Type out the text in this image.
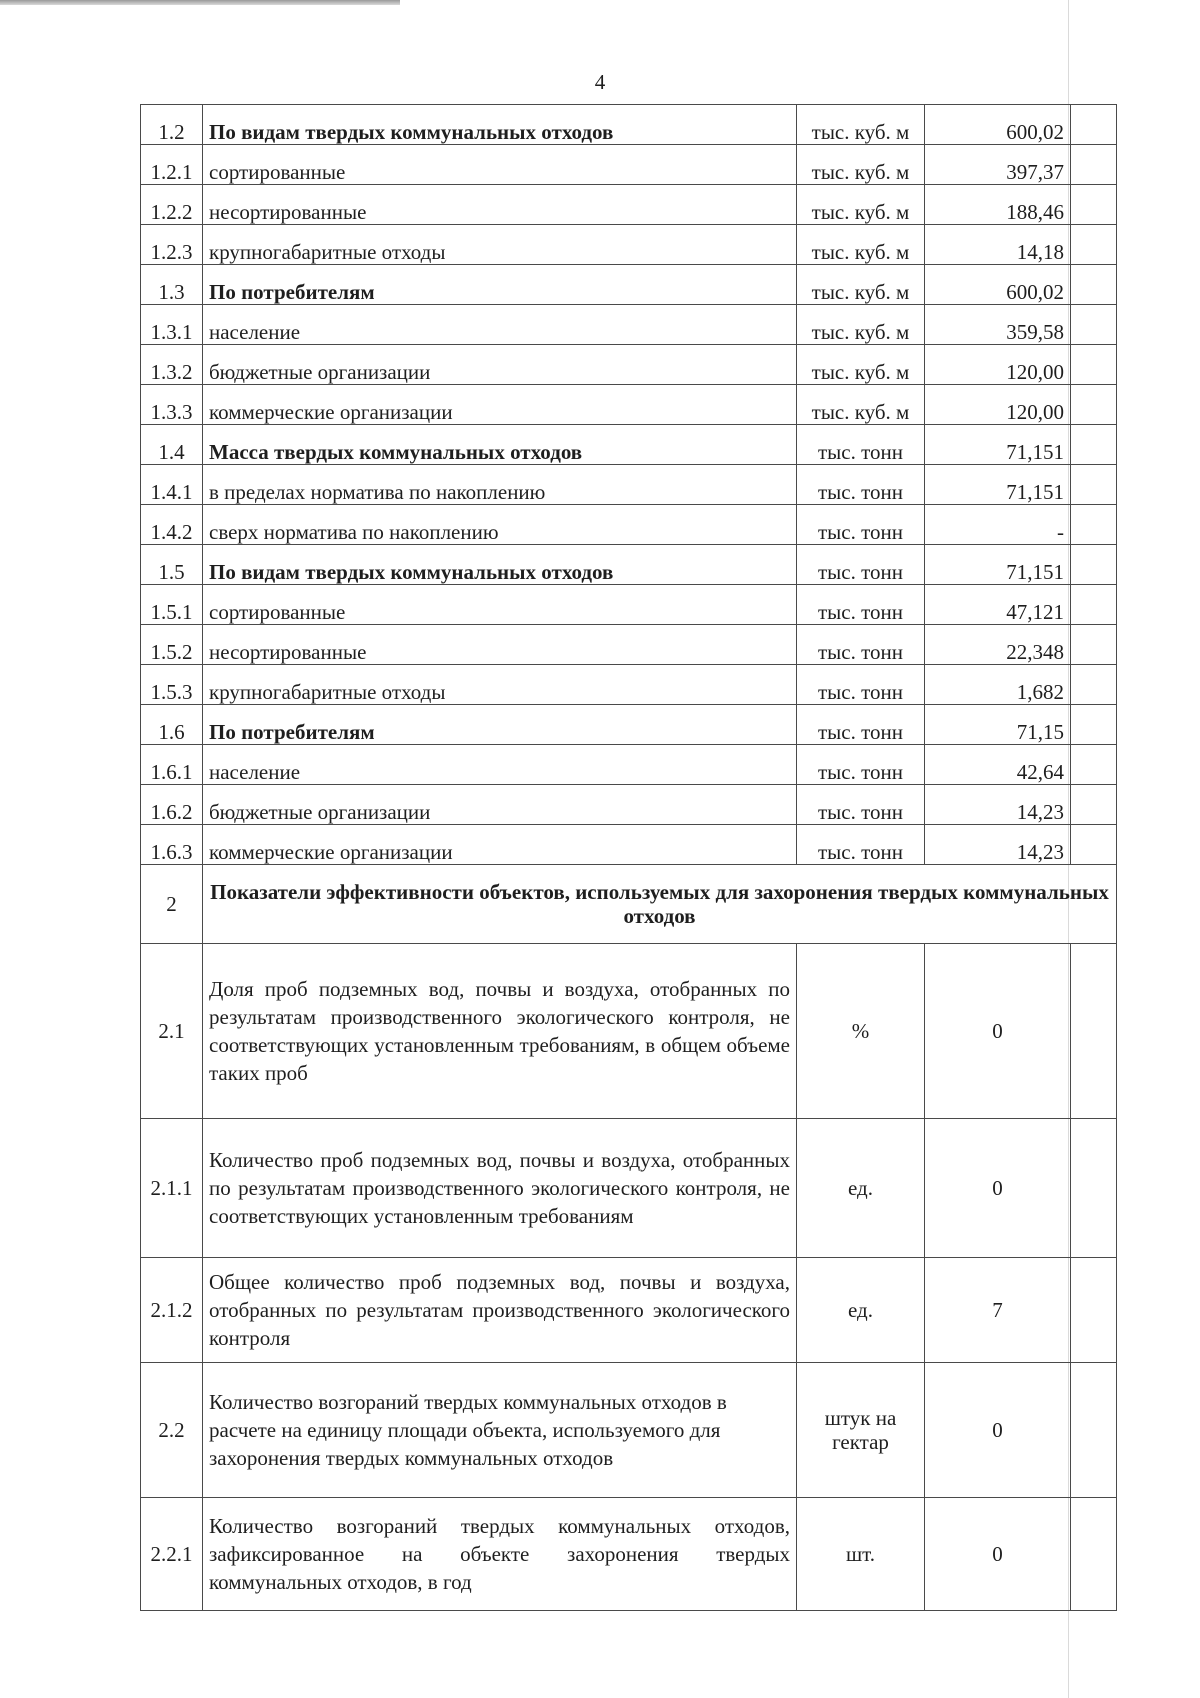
4
1.2	По видам твердых коммунальных отходов	тыс. куб. м	600,02	
1.2.1	сортированные	тыс. куб. м	397,37	
1.2.2	несортированные	тыс. куб. м	188,46	
1.2.3	крупногабаритные отходы	тыс. куб. м	14,18	
1.3	По потребителям	тыс. куб. м	600,02	
1.3.1	население	тыс. куб. м	359,58	
1.3.2	бюджетные организации	тыс. куб. м	120,00	
1.3.3	коммерческие организации	тыс. куб. м	120,00	
1.4	Масса твердых коммунальных отходов	тыс. тонн	71,151	
1.4.1	в пределах норматива по накоплению	тыс. тонн	71,151	
1.4.2	сверх норматива по накоплению	тыс. тонн	-	
1.5	По видам твердых коммунальных отходов	тыс. тонн	71,151	
1.5.1	сортированные	тыс. тонн	47,121	
1.5.2	несортированные	тыс. тонн	22,348	
1.5.3	крупногабаритные отходы	тыс. тонн	1,682	
1.6	По потребителям	тыс. тонн	71,15	
1.6.1	население	тыс. тонн	42,64	
1.6.2	бюджетные организации	тыс. тонн	14,23	
1.6.3	коммерческие организации	тыс. тонн	14,23	
2	Показатели эффективности объектов, используемых для захоронения твердых коммунальных отходов			
2.1	Доля проб подземных вод, почвы и воздуха, отобранных по результатам производственного экологического контроля, не соответствующих установленным требованиям, в общем объеме таких проб	%	0	
2.1.1	Количество проб подземных вод, почвы и воздуха, отобранных по результатам производственного экологического контроля, не соответствующих установленным требованиям	ед.	0	
2.1.2	Общее количество проб подземных вод, почвы и воздуха, отобранных по результатам производственного экологического контроля	ед.	7	
2.2	Количество возгораний твердых коммунальных отходов в расчете на единицу площади объекта, используемого для захоронения твердых коммунальных отходов	штук на гектар	0	
2.2.1	Количество возгораний твердых коммунальных отходов, зафиксированное на объекте захоронения твердых коммунальных отходов, в год	шт.	0	
